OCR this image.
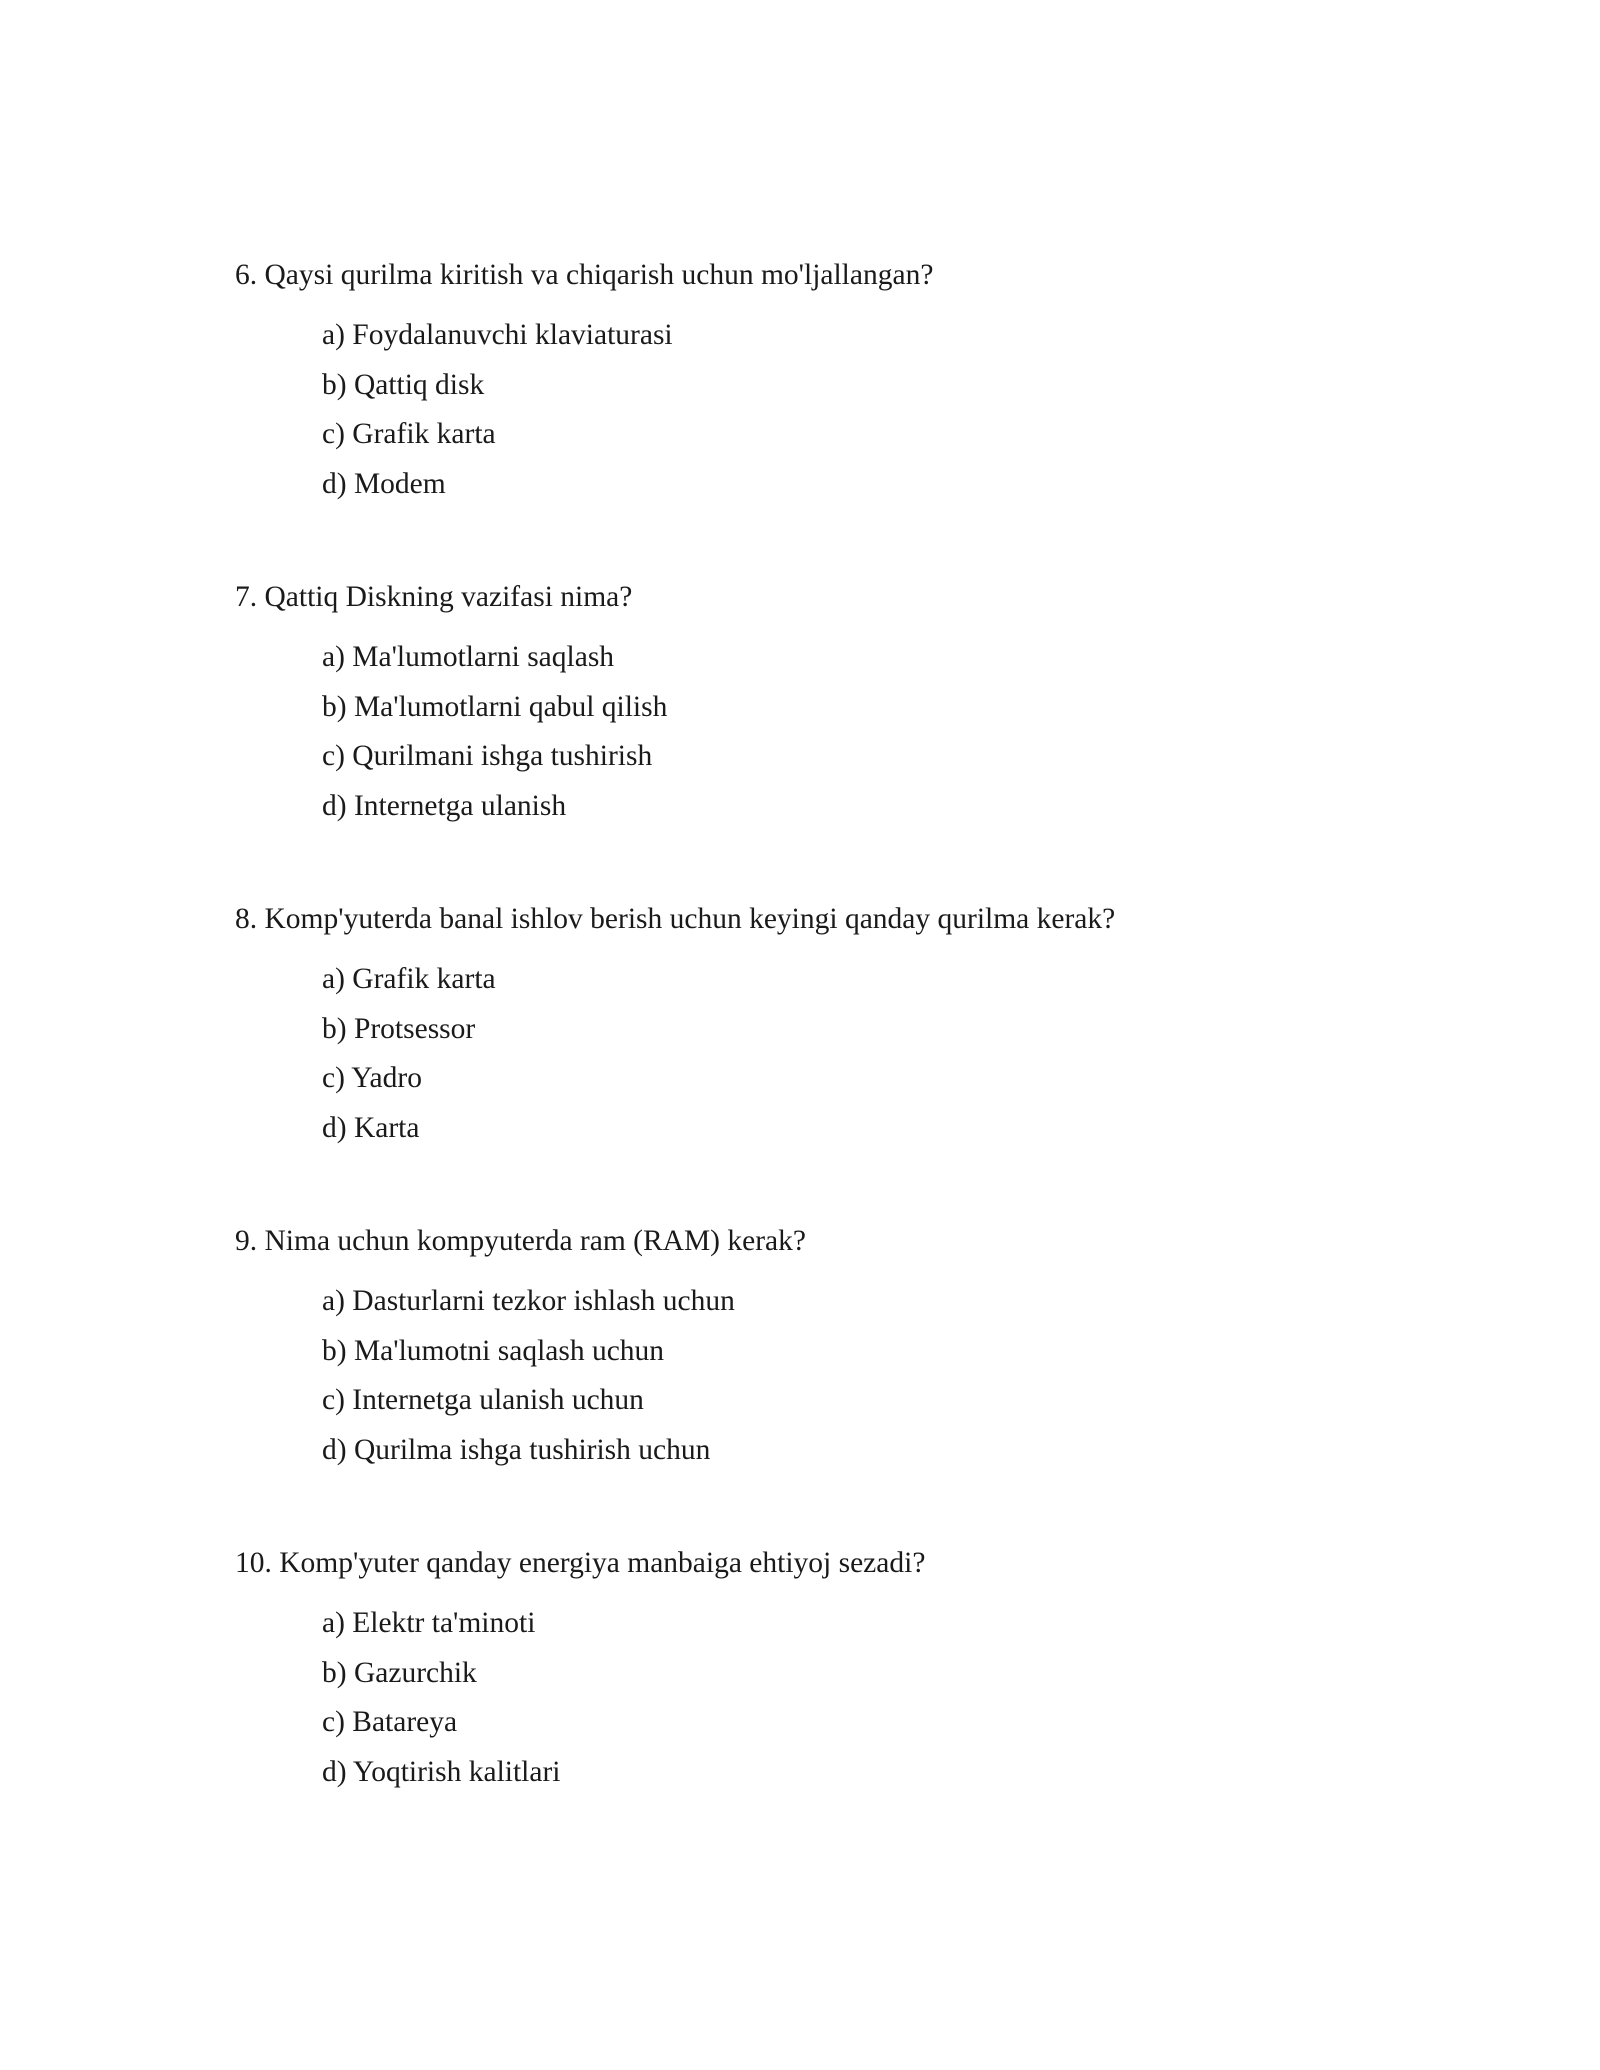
6. Qaysi qurilma kiritish va chiqarish uchun mo'ljallangan?

a) Foydalanuvchi klaviaturasi
b) Qattiq disk
c) Grafik karta
d) Modem

7. Qattiq Diskning vazifasi nima?

a) Ma'lumotlarni saqlash
b) Ma'lumotlarni qabul qilish
c) Qurilmani ishga tushirish
d) Internetga ulanish

8. Komp'yuterda banal ishlov berish uchun keyingi qanday qurilma kerak?

a) Grafik karta
b) Protsessor
c) Yadro
d) Karta

9. Nima uchun kompyuterda ram (RAM) kerak?

a) Dasturlarni tezkor ishlash uchun
b) Ma'lumotni saqlash uchun
c) Internetga ulanish uchun
d) Qurilma ishga tushirish uchun

10. Komp'yuter qanday energiya manbaiga ehtiyoj sezadi?

a) Elektr ta'minoti
b) Gazurchik
c) Batareya
d) Yoqtirish kalitlari
